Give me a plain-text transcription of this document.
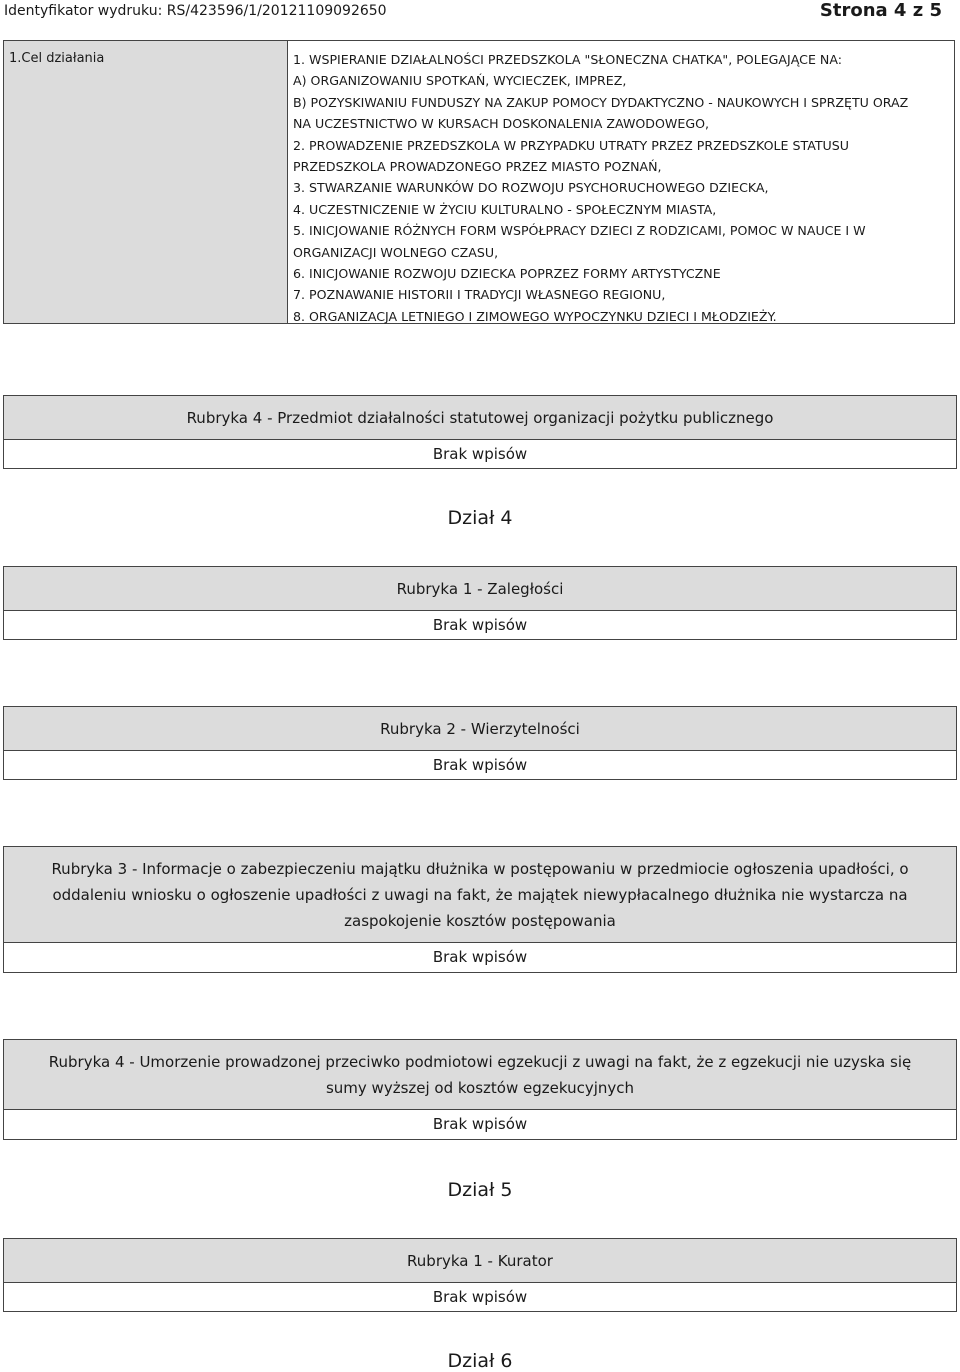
Identyfikator wydruku: RS/423596/1/20121109092650	Strona 4 z 5
1.Cel działania	1. WSPIERANIE DZIAŁALNOŚCI PRZEDSZKOLA "SŁONECZNA CHATKA", POLEGAJĄCE NA:
A) ORGANIZOWANIU SPOTKAŃ, WYCIECZEK, IMPREZ,
B) POZYSKIWANIU FUNDUSZY NA ZAKUP POMOCY DYDAKTYCZNO - NAUKOWYCH I SPRZĘTU ORAZ
NA UCZESTNICTWO W KURSACH DOSKONALENIA ZAWODOWEGO,
2. PROWADZENIE PRZEDSZKOLA W PRZYPADKU UTRATY PRZEZ PRZEDSZKOLE STATUSU
PRZEDSZKOLA PROWADZONEGO PRZEZ MIASTO POZNAŃ,
3. STWARZANIE WARUNKÓW DO ROZWOJU PSYCHORUCHOWEGO DZIECKA,
4. UCZESTNICZENIE W ŻYCIU KULTURALNO - SPOŁECZNYM MIASTA,
5. INICJOWANIE RÓŻNYCH FORM WSPÓŁPRACY DZIECI Z RODZICAMI, POMOC W NAUCE I W
ORGANIZACJI WOLNEGO CZASU,
6. INICJOWANIE ROZWOJU DZIECKA POPRZEZ FORMY ARTYSTYCZNE
7. POZNAWANIE HISTORII I TRADYCJI WŁASNEGO REGIONU,
8. ORGANIZACJA LETNIEGO I ZIMOWEGO WYPOCZYNKU DZIECI I MŁODZIEŻY.
Rubryka 4 - Przedmiot działalności statutowej organizacji pożytku publicznego
Brak wpisów
Dział 4
Rubryka 1 - Zaległości
Brak wpisów
Rubryka 2 - Wierzytelności
Brak wpisów
Rubryka 3 - Informacje o zabezpieczeniu majątku dłużnika w postępowaniu w przedmiocie ogłoszenia upadłości, o
oddaleniu wniosku o ogłoszenie upadłości z uwagi na fakt, że majątek niewypłacalnego dłużnika nie wystarcza na
zaspokojenie kosztów postępowania
Brak wpisów
Rubryka 4 - Umorzenie prowadzonej przeciwko podmiotowi egzekucji z uwagi na fakt, że z egzekucji nie uzyska się
sumy wyższej od kosztów egzekucyjnych
Brak wpisów
Dział 5
Rubryka 1 - Kurator
Brak wpisów
Dział 6
